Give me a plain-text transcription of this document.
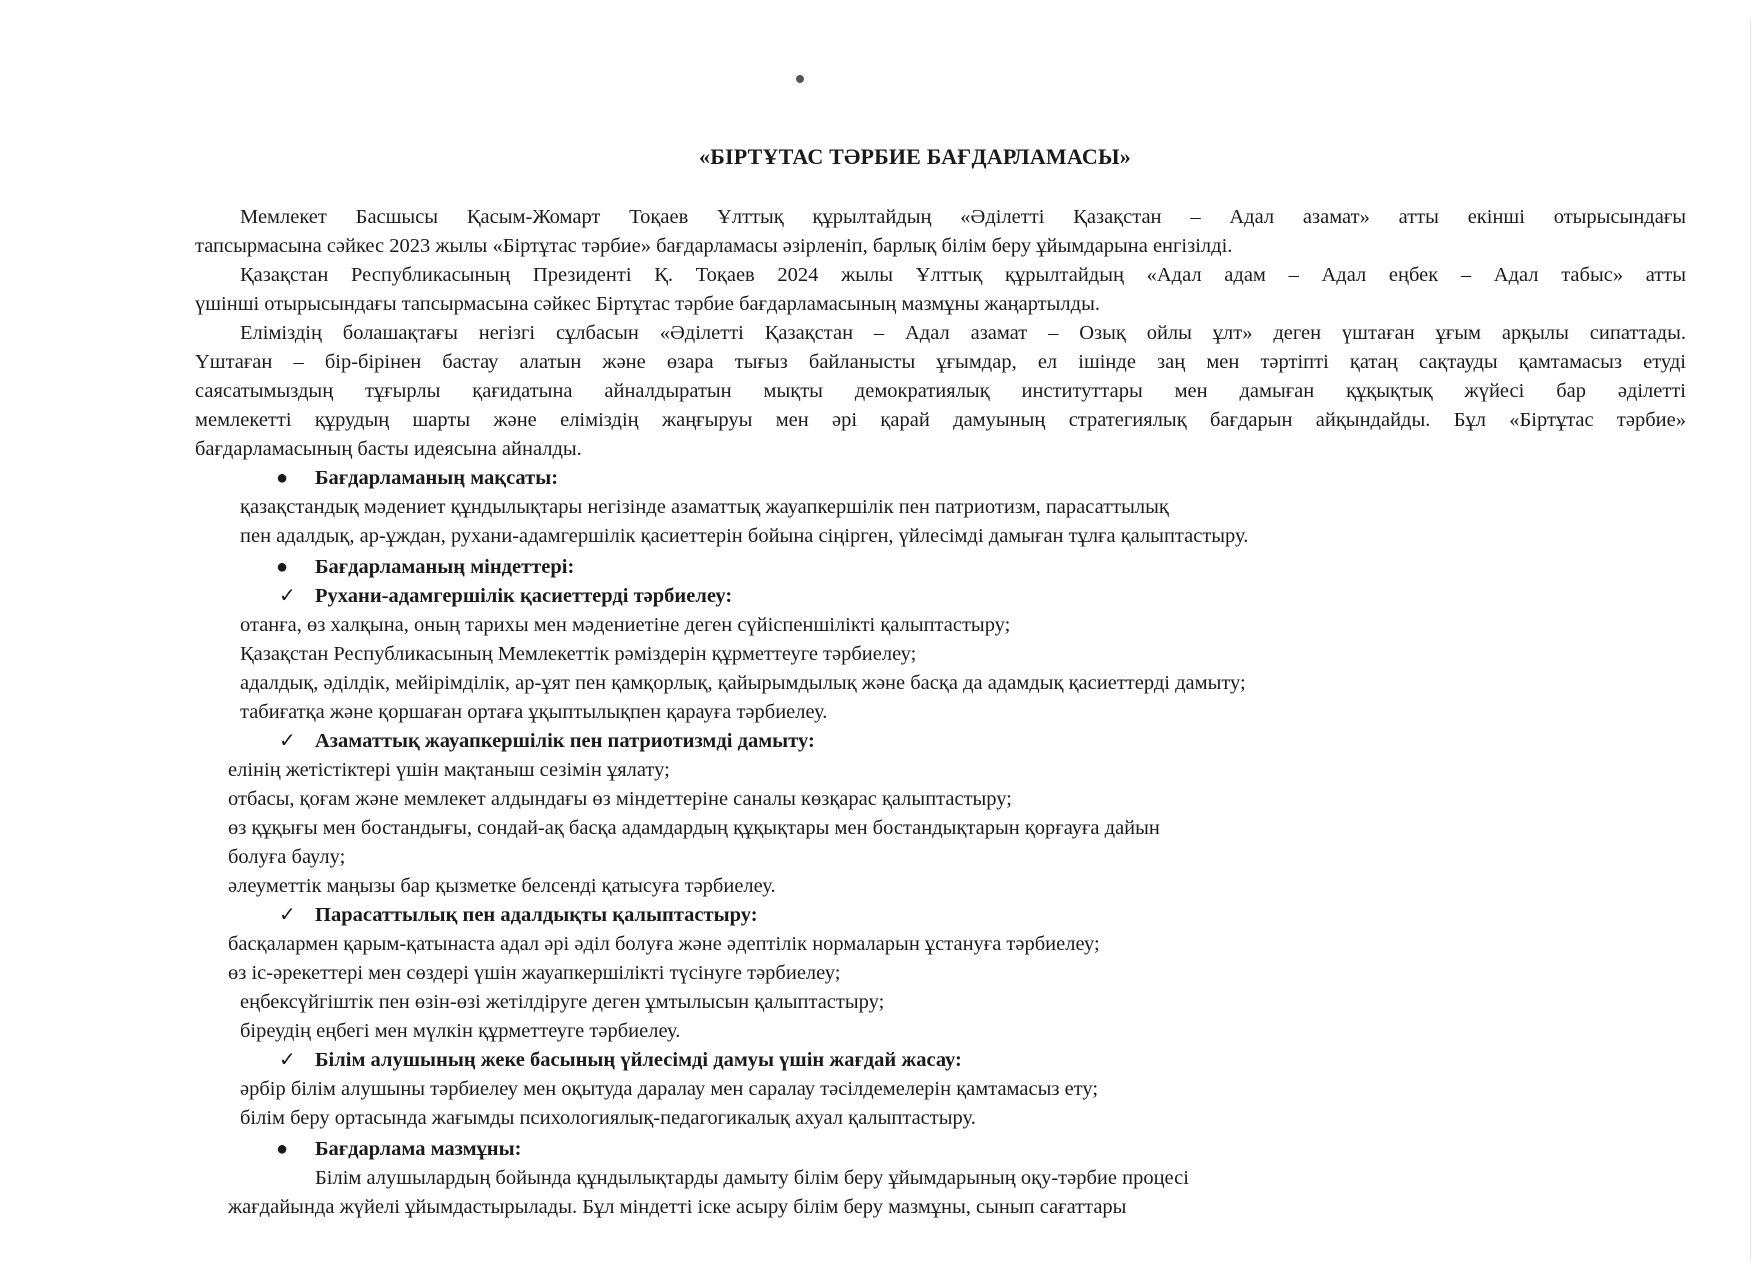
«БІРТҰТАС ТӘРБИЕ БАҒДАРЛАМАСЫ»
Мемлекет Басшысы Қасым-Жомарт Тоқаев Ұлттық құрылтайдың «Әділетті Қазақстан – Адал азамат» атты екінші отырысындағы
тапсырмасына сәйкес 2023 жылы «Біртұтас тәрбие» бағдарламасы әзірленіп, барлық білім беру ұйымдарына енгізілді.
Қазақстан Республикасының Президенті Қ. Тоқаев 2024 жылы Ұлттық құрылтайдың «Адал адам – Адал еңбек – Адал табыс» атты
үшінші отырысындағы тапсырмасына сәйкес Біртұтас тәрбие бағдарламасының мазмұны жаңартылды.
Еліміздің болашақтағы негізгі сұлбасын «Әділетті Қазақстан – Адал азамат – Озық ойлы ұлт» деген үштаған ұғым арқылы сипаттады.
Үштаған – бір-бірінен бастау алатын және өзара тығыз байланысты ұғымдар, ел ішінде заң мен тәртіпті қатаң сақтауды қамтамасыз етуді
саясатымыздың тұғырлы қағидатына айналдыратын мықты демократиялық институттары мен дамыған құқықтық жүйесі бар әділетті
мемлекетті құрудың шарты және еліміздің жаңғыруы мен әрі қарай дамуының стратегиялық бағдарын айқындайды. Бұл «Біртұтас тәрбие»
бағдарламасының басты идеясына айналды.
● Бағдарламаның мақсаты:
қазақстандық мәдениет құндылықтары негізінде азаматтық жауапкершілік пен патриотизм, парасаттылық
пен адалдық, ар-ұждан, рухани-адамгершілік қасиеттерін бойына сіңірген, үйлесімді дамыған тұлға қалыптастыру.
● Бағдарламаның міндеттері:
✓ Рухани-адамгершілік қасиеттерді тәрбиелеу:
отанға, өз халқына, оның тарихы мен мәдениетіне деген сүйіспеншілікті қалыптастыру;
Қазақстан Республикасының Мемлекеттік рәміздерін құрметтеуге тәрбиелеу;
адалдық, әділдік, мейірімділік, ар-ұят пен қамқорлық, қайырымдылық және басқа да адамдық қасиеттерді дамыту;
табиғатқа және қоршаған ортаға ұқыптылықпен қарауға тәрбиелеу.
✓ Азаматтық жауапкершілік пен патриотизмді дамыту:
елінің жетістіктері үшін мақтаныш сезімін ұялату;
отбасы, қоғам және мемлекет алдындағы өз міндеттеріне саналы көзқарас қалыптастыру;
өз құқығы мен бостандығы, сондай-ақ басқа адамдардың құқықтары мен бостандықтарын қорғауға дайын
болуға баулу;
әлеуметтік маңызы бар қызметке белсенді қатысуға тәрбиелеу.
✓ Парасаттылық пен адалдықты қалыптастыру:
басқалармен қарым-қатынаста адал әрі әділ болуға және әдептілік нормаларын ұстануға тәрбиелеу;
өз іс-әрекеттері мен сөздері үшін жауапкершілікті түсінуге тәрбиелеу;
еңбексүйгіштік пен өзін-өзі жетілдіруге деген ұмтылысын қалыптастыру;
біреудің еңбегі мен мүлкін құрметтеуге тәрбиелеу.
✓ Білім алушының жеке басының үйлесімді дамуы үшін жағдай жасау:
әрбір білім алушыны тәрбиелеу мен оқытуда даралау мен саралау тәсілдемелерін қамтамасыз ету;
білім беру ортасында жағымды психологиялық-педагогикалық ахуал қалыптастыру.
● Бағдарлама мазмұны:
Білім алушылардың бойында құндылықтарды дамыту білім беру ұйымдарының оқу-тәрбие процесі
жағдайында жүйелі ұйымдастырылады. Бұл міндетті іске асыру білім беру мазмұны, сынып сағаттары
